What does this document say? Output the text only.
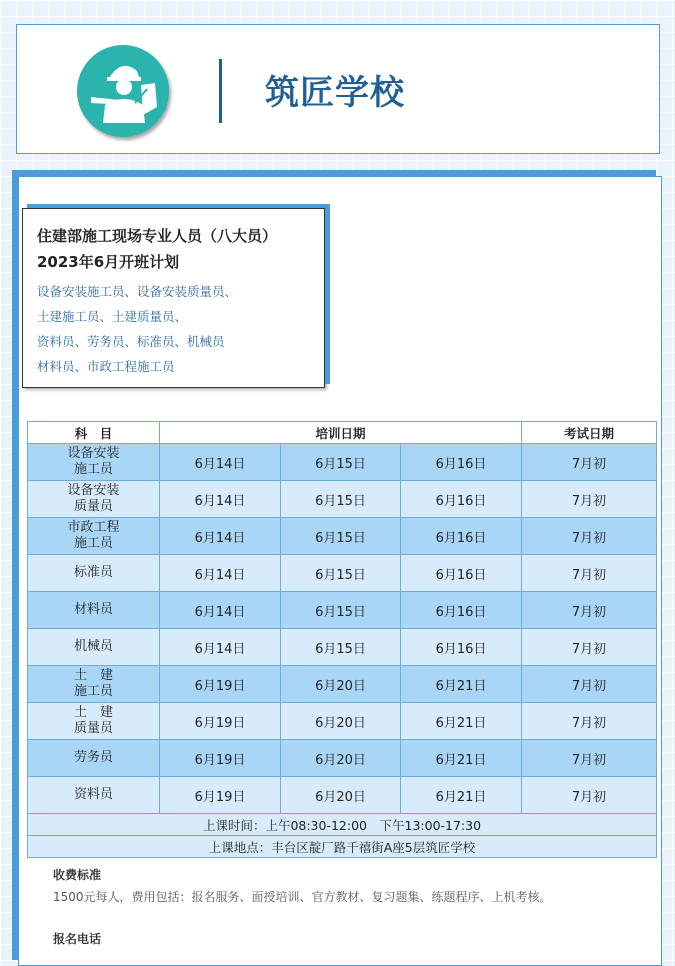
筑匠学校
住建部施工现场专业人员（八大员）
2023年6月开班计划
设备安装施工员、设备安装质量员、
土建施工员、土建质量员、
资料员、劳务员、标准员、机械员
材料员、市政工程施工员
科　目	培训日期			考试日期

设备安装
施工员	6月14日	6月15日	6月16日	7月初

设备安装
质量员	6月14日	6月15日	6月16日	7月初

市政工程
施工员	6月14日	6月15日	6月16日	7月初

标准员	6月14日	6月15日	6月16日	7月初

材料员	6月14日	6月15日	6月16日	7月初

机械员	6月14日	6月15日	6月16日	7月初

土　建
施工员	6月19日	6月20日	6月21日	7月初

土　建
质量员	6月19日	6月20日	6月21日	7月初

劳务员	6月19日	6月20日	6月21日	7月初

资料员	6月19日	6月20日	6月21日	7月初
上课时间：上午08:30-12:00　下午13:00-17:30				
上课地点：丰台区靛厂路千禧街A座5层筑匠学校				
收费标准
1500元每人，费用包括：报名服务、面授培训、官方教材、复习题集、练题程序、上机考核。
报名电话
